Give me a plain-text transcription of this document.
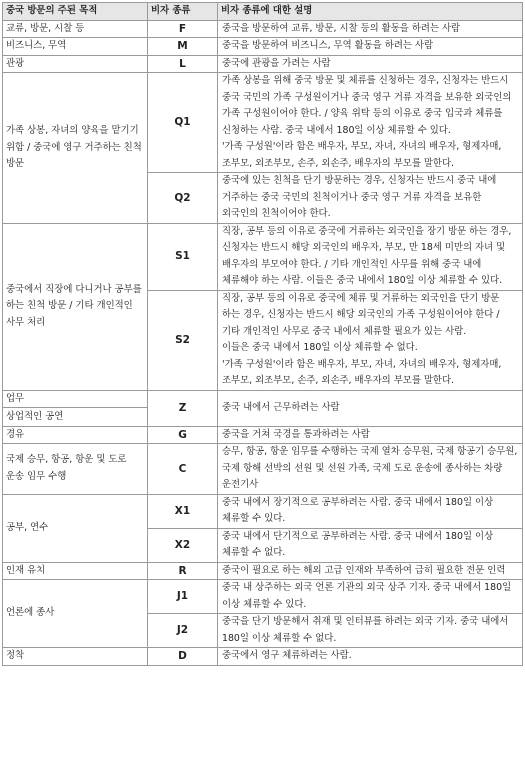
중국 방문의 주된 목적	비자 종류	비자 종류에 대한 설명
교류, 방문, 시찰 등	F	중국을 방문하여 교류, 방문, 시찰 등의 활동을 하려는 사람

비즈니스, 무역	M	중국을 방문하여 비즈니스, 무역 활동을 하려는 사람

관광	L	중국에 관광을 가려는 사람

가족 상봉, 자녀의 양육을 맡기기 위함 / 중국에 영구 거주하는 친척 방문	Q1	가족 상봉을 위해 중국 방문 및 체류를 신청하는 경우, 신청자는 반드시 중국 국민의 가족 구성원이거나 중국 영구 거류 자격을 보유한 외국인의 가족 구성원이어야 한다. / 양육 위탁 등의 이유로 중국 입국과 체류를 신청하는 사람. 중국 내에서 180일 이상 체류할 수 있다.
'가족 구성원'이라 함은 배우자, 부모, 자녀, 자녀의 배우자, 형제자매, 조부모, 외조부모, 손주, 외손주, 배우자의 부모를 말한다.

	Q2	중국에 있는 친척을 단기 방문하는 경우, 신청자는 반드시 중국 내에 거주하는 중국 국민의 친척이거나 중국 영구 거류 자격을 보유한 외국인의 친척이어야 한다.

중국에서 직장에 다니거나 공부를 하는 친척 방문 / 기타 개인적인 사무 처리	S1	직장, 공부 등의 이유로 중국에 거류하는 외국인을 장기 방문 하는 경우, 신청자는 반드시 해당 외국인의 배우자, 부모, 만 18세 미만의 자녀 및 배우자의 부모여야 한다. / 기타 개인적인 사무를 위해 중국 내에 체류해야 하는 사람. 이들은 중국 내에서 180일 이상 체류할 수 있다.

	S2	직장, 공부 등의 이유로 중국에 체류 및 거류하는 외국인을 단기 방문 하는 경우, 신청자는 반드시 해당 외국인의 가족 구성원이어야 한다 / 기타 개인적인 사무로 중국 내에서 체류할 필요가 있는 사람.
이들은 중국 내에서 180일 이상 체류할 수 없다.
'가족 구성원'이라 함은 배우자, 부모, 자녀, 자녀의 배우자, 형제자매, 조부모, 외조부모, 손주, 외손주, 배우자의 부모를 말한다.

업무
상업적인 공연	Z	중국 내에서 근무하려는 사람

경유	G	중국을 거쳐 국경을 통과하려는 사람

국제 승무, 항공, 항운 및 도로 운송 임무 수행	C	승무, 항공, 항운 임무를 수행하는 국제 열차 승무원, 국제 항공기 승무원, 국제 항해 선박의 선원 및 선원 가족, 국제 도로 운송에 종사하는 차량 운전기사

공부, 연수	X1	중국 내에서 장기적으로 공부하려는 사람. 중국 내에서 180일 이상 체류할 수 있다.

	X2	중국 내에서 단기적으로 공부하려는 사람. 중국 내에서 180일 이상 체류할 수 없다.

인재 유치	R	중국이 필요로 하는 해외 고급 인재와 부족하여 급히 필요한 전문 인력

언론에 종사	J1	중국 내 상주하는 외국 언론 기관의 외국 상주 기자. 중국 내에서 180일 이상 체류할 수 있다.

	J2	중국을 단기 방문해서 취재 및 인터뷰를 하려는 외국 기자. 중국 내에서 180일 이상 체류할 수 없다.

정착	D	중국에서 영구 체류하려는 사람.
